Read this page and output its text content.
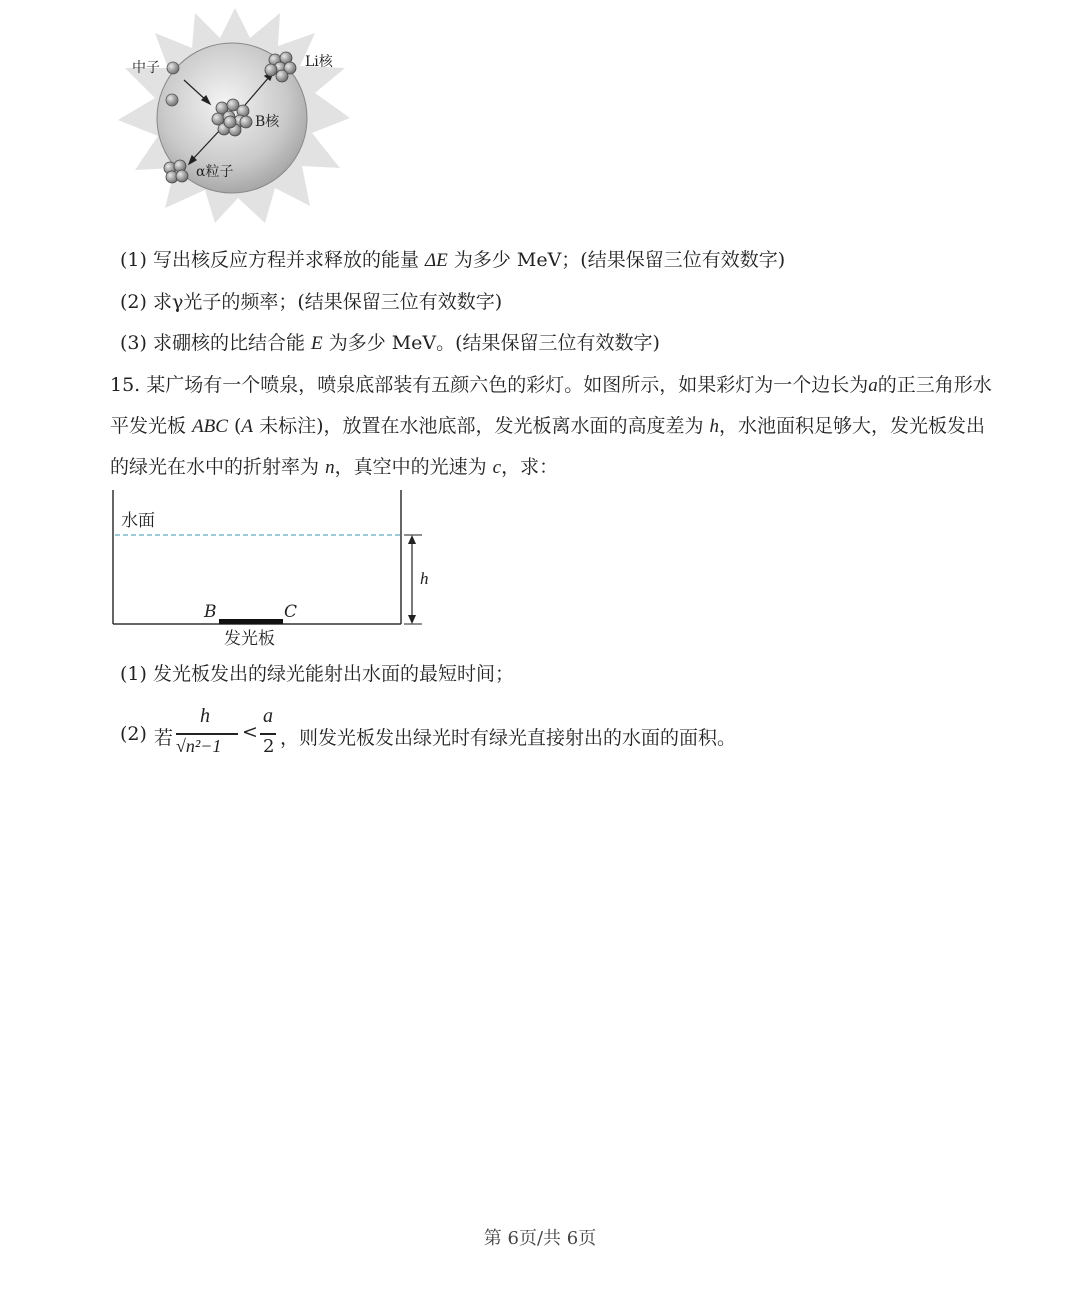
中子	Li核
B核
α粒子
(1) 写出核反应方程并求释放的能量 ΔE 为多少 MeV；(结果保留三位有效数字)
(2) 求γ光子的频率；(结果保留三位有效数字)
(3) 求硼核的比结合能 E 为多少 MeV。(结果保留三位有效数字)
15. 某广场有一个喷泉，喷泉底部装有五颜六色的彩灯。如图所示，如果彩灯为一个边长为a的正三角形水
平发光板 ABC (A 未标注)，放置在水池底部，发光板离水面的高度差为 h，水池面积足够大，发光板发出
的绿光在水中的折射率为 n，真空中的光速为 c，求：
水面
h
B	C
发光板
(1) 发光板发出的绿光能射出水面的最短时间；
(2) 若
h
√n²−1
<
a
2 ，则发光板发出绿光时有绿光直接射出的水面的面积。
第 6页/共 6页
